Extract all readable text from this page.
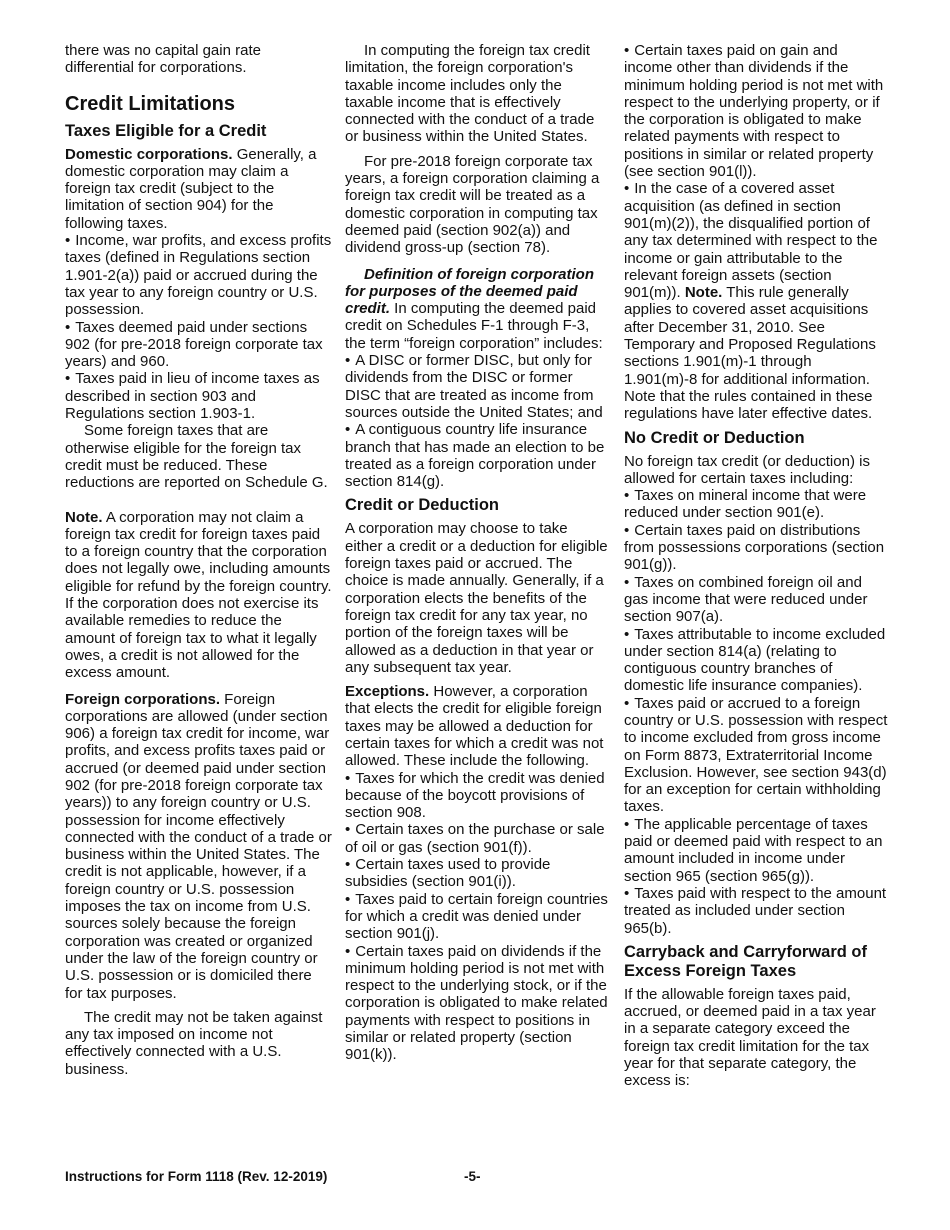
there was no capital gain rate differential for corporations.

Credit Limitations
Taxes Eligible for a Credit

Domestic corporations. Generally, a domestic corporation may claim a foreign tax credit (subject to the limitation of section 904) for the following taxes.

• Income, war profits, and excess profits taxes (defined in Regulations section 1.901-2(a)) paid or accrued during the tax year to any foreign country or U.S. possession.

• Taxes deemed paid under sections 902 (for pre-2018 foreign corporate tax years) and 960.

• Taxes paid in lieu of income taxes as described in section 903 and Regulations section 1.903-1.

Some foreign taxes that are otherwise eligible for the foreign tax credit must be reduced. These reductions are reported on Schedule G.

Note. A corporation may not claim a foreign tax credit for foreign taxes paid to a foreign country that the corporation does not legally owe, including amounts eligible for refund by the foreign country. If the corporation does not exercise its available remedies to reduce the amount of foreign tax to what it legally owes, a credit is not allowed for the excess amount.

Foreign corporations. Foreign corporations are allowed (under section 906) a foreign tax credit for income, war profits, and excess profits taxes paid or accrued (or deemed paid under section 902 (for pre-2018 foreign corporate tax years)) to any foreign country or U.S. possession for income effectively connected with the conduct of a trade or business within the United States. The credit is not applicable, however, if a foreign country or U.S. possession imposes the tax on income from U.S. sources solely because the foreign corporation was created or organized under the law of the foreign country or U.S. possession or is domiciled there for tax purposes.

The credit may not be taken against any tax imposed on income not effectively connected with a U.S. business.

In computing the foreign tax credit limitation, the foreign corporation's taxable income includes only the taxable income that is effectively connected with the conduct of a trade or business within the United States.

For pre-2018 foreign corporate tax years, a foreign corporation claiming a foreign tax credit will be treated as a domestic corporation in computing tax deemed paid (section 902(a)) and dividend gross-up (section 78).

Definition of foreign corporation for purposes of the deemed paid credit. In computing the deemed paid credit on Schedules F-1 through F-3, the term “foreign corporation” includes:

• A DISC or former DISC, but only for dividends from the DISC or former DISC that are treated as income from sources outside the United States; and

• A contiguous country life insurance branch that has made an election to be treated as a foreign corporation under section 814(g).

Credit or Deduction

A corporation may choose to take either a credit or a deduction for eligible foreign taxes paid or accrued. The choice is made annually. Generally, if a corporation elects the benefits of the foreign tax credit for any tax year, no portion of the foreign taxes will be allowed as a deduction in that year or any subsequent tax year.

Exceptions. However, a corporation that elects the credit for eligible foreign taxes may be allowed a deduction for certain taxes for which a credit was not allowed. These include the following.

• Taxes for which the credit was denied because of the boycott provisions of section 908.

• Certain taxes on the purchase or sale of oil or gas (section 901(f)).

• Certain taxes used to provide subsidies (section 901(i)).

• Taxes paid to certain foreign countries for which a credit was denied under section 901(j).

• Certain taxes paid on dividends if the minimum holding period is not met with respect to the underlying stock, or if the corporation is obligated to make related payments with respect to positions in similar or related property (section 901(k)).

• Certain taxes paid on gain and income other than dividends if the minimum holding period is not met with respect to the underlying property, or if the corporation is obligated to make related payments with respect to positions in similar or related property (see section 901(l)).

• In the case of a covered asset acquisition (as defined in section 901(m)(2)), the disqualified portion of any tax determined with respect to the income or gain attributable to the relevant foreign assets (section 901(m)). Note. This rule generally applies to covered asset acquisitions after December 31, 2010. See Temporary and Proposed Regulations sections 1.901(m)-1 through 1.901(m)-8 for additional information. Note that the rules contained in these regulations have later effective dates.

No Credit or Deduction

No foreign tax credit (or deduction) is allowed for certain taxes including:

• Taxes on mineral income that were reduced under section 901(e).

• Certain taxes paid on distributions from possessions corporations (section 901(g)).

• Taxes on combined foreign oil and gas income that were reduced under section 907(a).

• Taxes attributable to income excluded under section 814(a) (relating to contiguous country branches of domestic life insurance companies).

• Taxes paid or accrued to a foreign country or U.S. possession with respect to income excluded from gross income on Form 8873, Extraterritorial Income Exclusion. However, see section 943(d) for an exception for certain withholding taxes.

• The applicable percentage of taxes paid or deemed paid with respect to an amount included in income under section 965 (section 965(g)).

• Taxes paid with respect to the amount treated as included under section 965(b).

Carryback and Carryforward of Excess Foreign Taxes

If the allowable foreign taxes paid, accrued, or deemed paid in a tax year in a separate category exceed the foreign tax credit limitation for the tax year for that separate category, the excess is:

Instructions for Form 1118 (Rev. 12-2019)	-5-
